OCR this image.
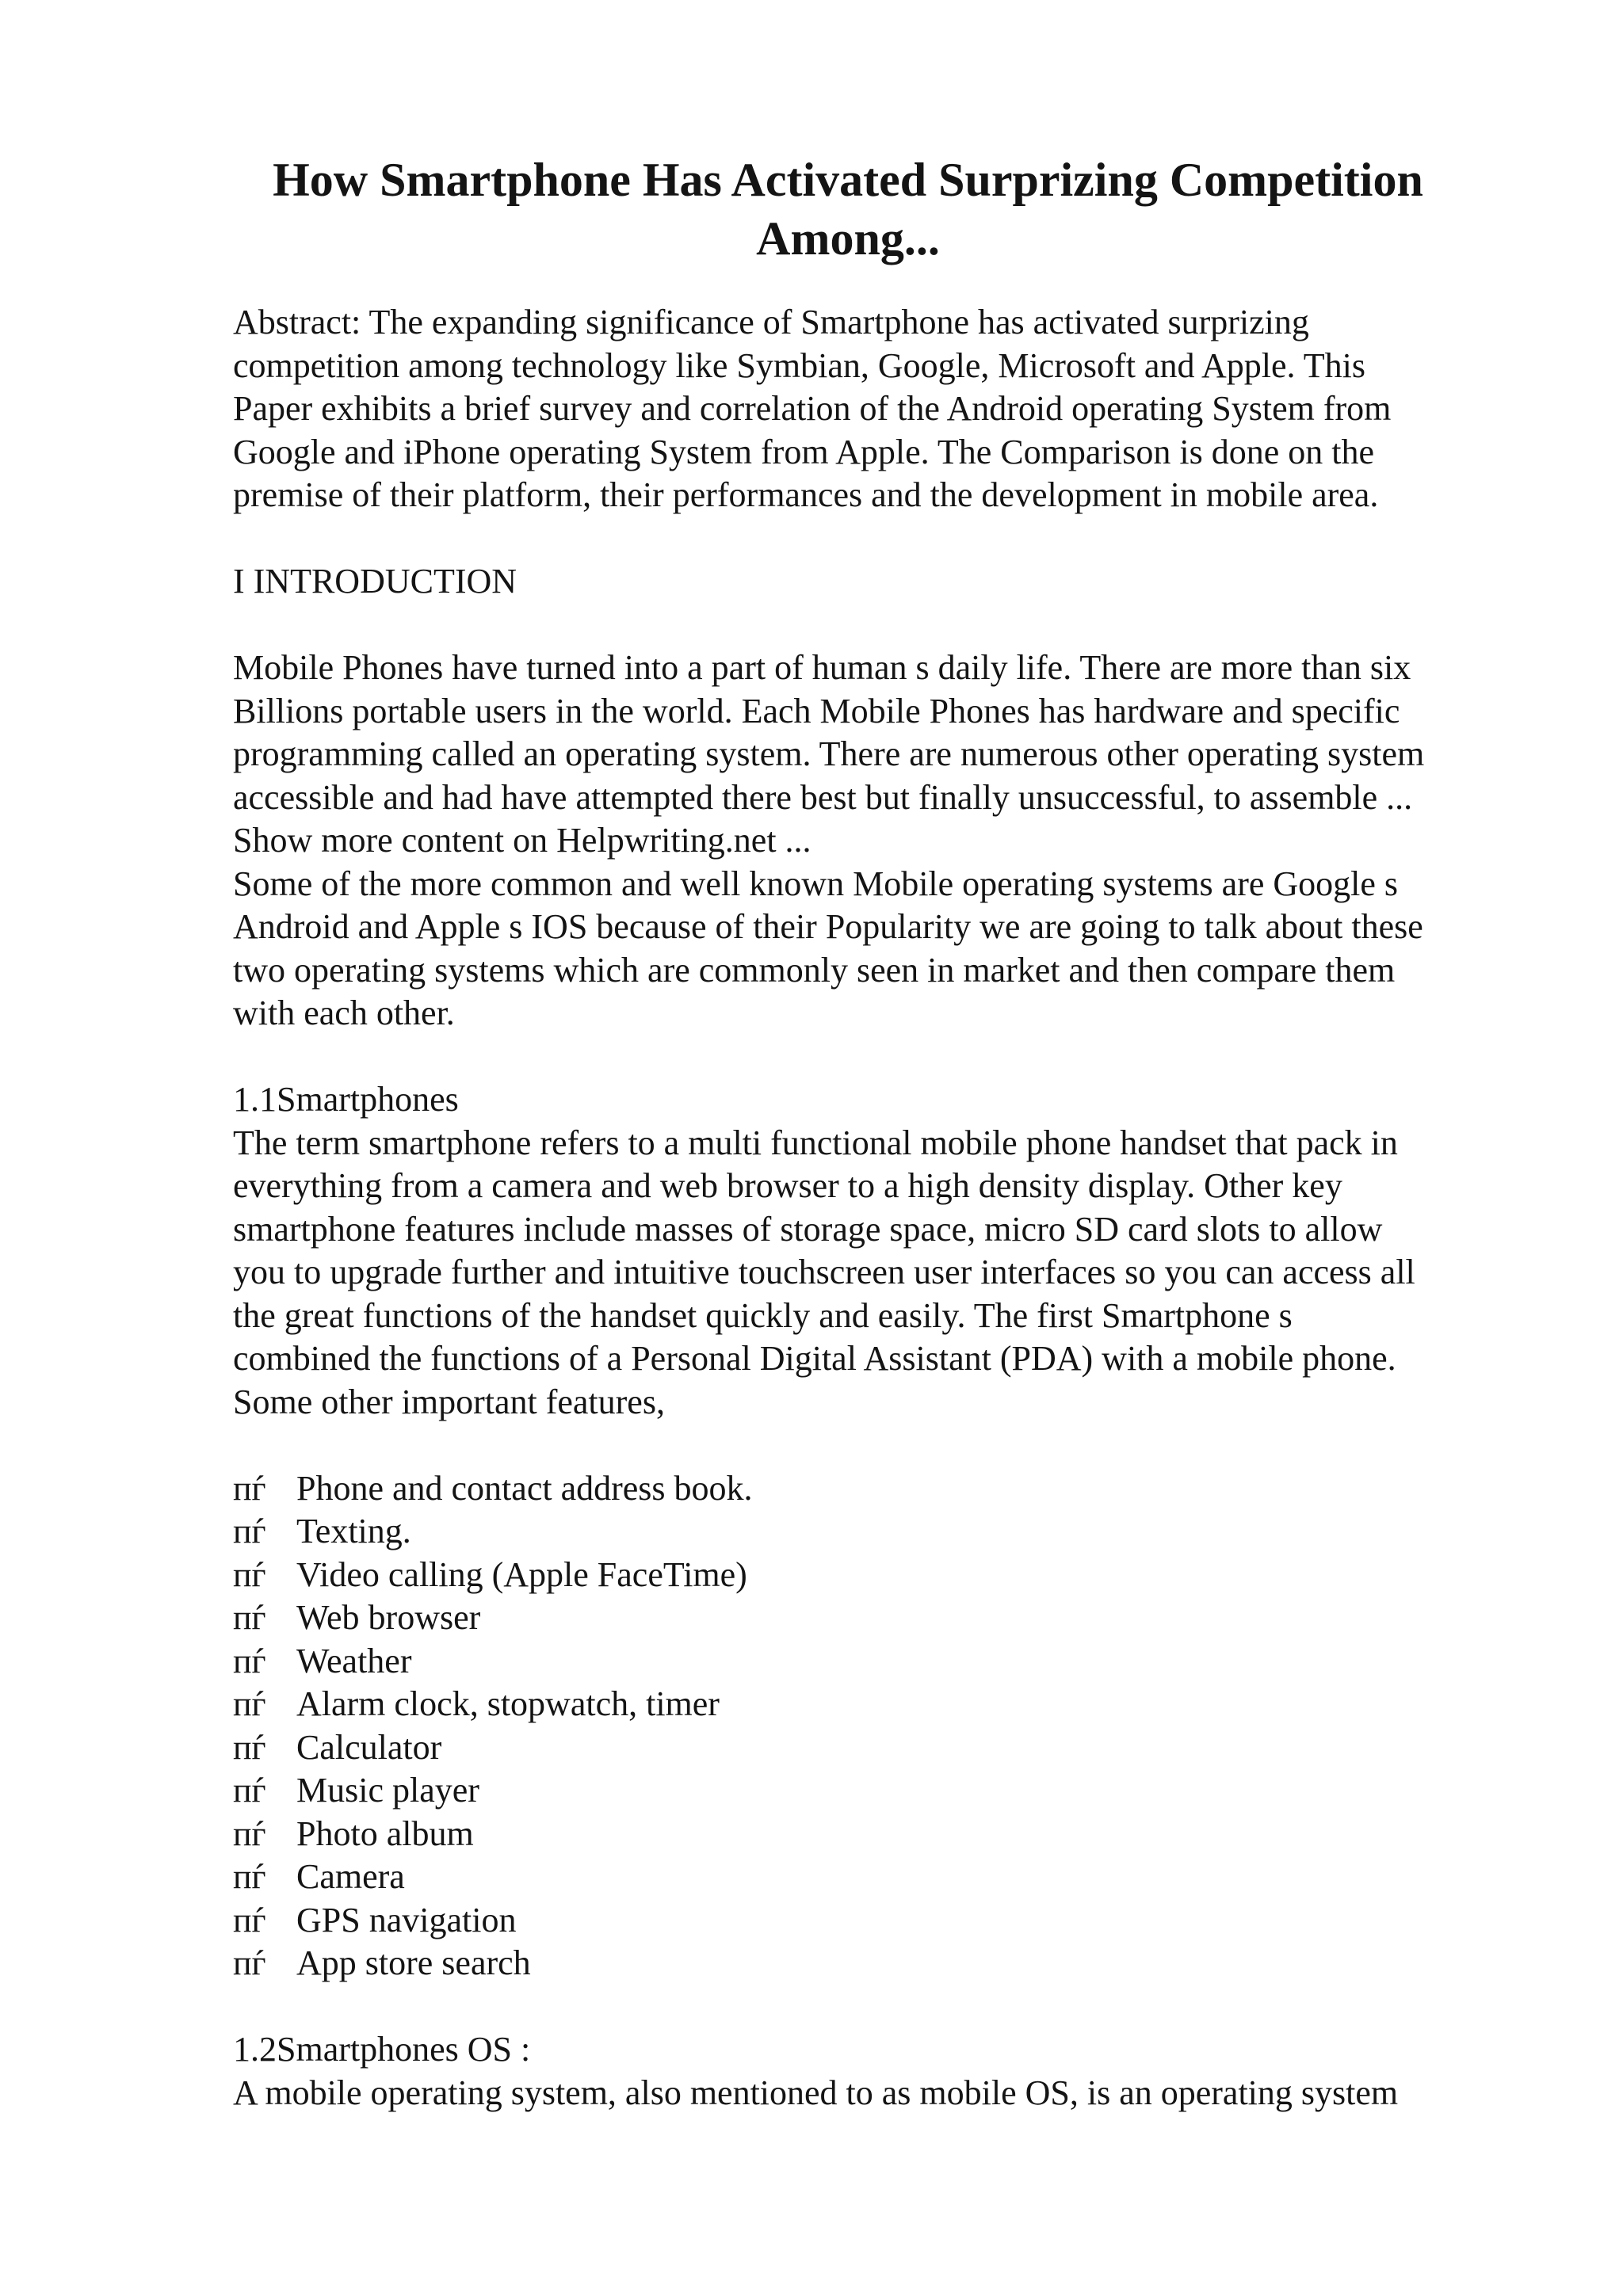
How Smartphone Has Activated Surprizing Competition
Among...

Abstract: The expanding significance of Smartphone has activated surprizing
competition among technology like Symbian, Google, Microsoft and Apple. This
Paper exhibits a brief survey and correlation of the Android operating System from
Google and iPhone operating System from Apple. The Comparison is done on the
premise of their platform, their performances and the development in mobile area.

I INTRODUCTION

Mobile Phones have turned into a part of human s daily life. There are more than six
Billions portable users in the world. Each Mobile Phones has hardware and specific
programming called an operating system. There are numerous other operating system
accessible and had have attempted there best but finally unsuccessful, to assemble ...
Show more content on Helpwriting.net ...

Some of the more common and well known Mobile operating systems are Google s
Android and Apple s IOS because of their Popularity we are going to talk about these
two operating systems which are commonly seen in market and then compare them
with each other.

1.1Smartphones
The term smartphone refers to a multi functional mobile phone handset that pack in
everything from a camera and web browser to a high density display. Other key
smartphone features include masses of storage space, micro SD card slots to allow
you to upgrade further and intuitive touchscreen user interfaces so you can access all
the great functions of the handset quickly and easily. The first Smartphone s
combined the functions of a Personal Digital Assistant (PDA) with a mobile phone.
Some other important features,

пѓ Phone and contact address book.
пѓ Texting.
пѓ Video calling (Apple FaceTime)
пѓ Web browser
пѓ Weather
пѓ Alarm clock, stopwatch, timer
пѓ Calculator
пѓ Music player
пѓ Photo album
пѓ Camera
пѓ GPS navigation
пѓ App store search

1.2Smartphones OS :
A mobile operating system, also mentioned to as mobile OS, is an operating system
